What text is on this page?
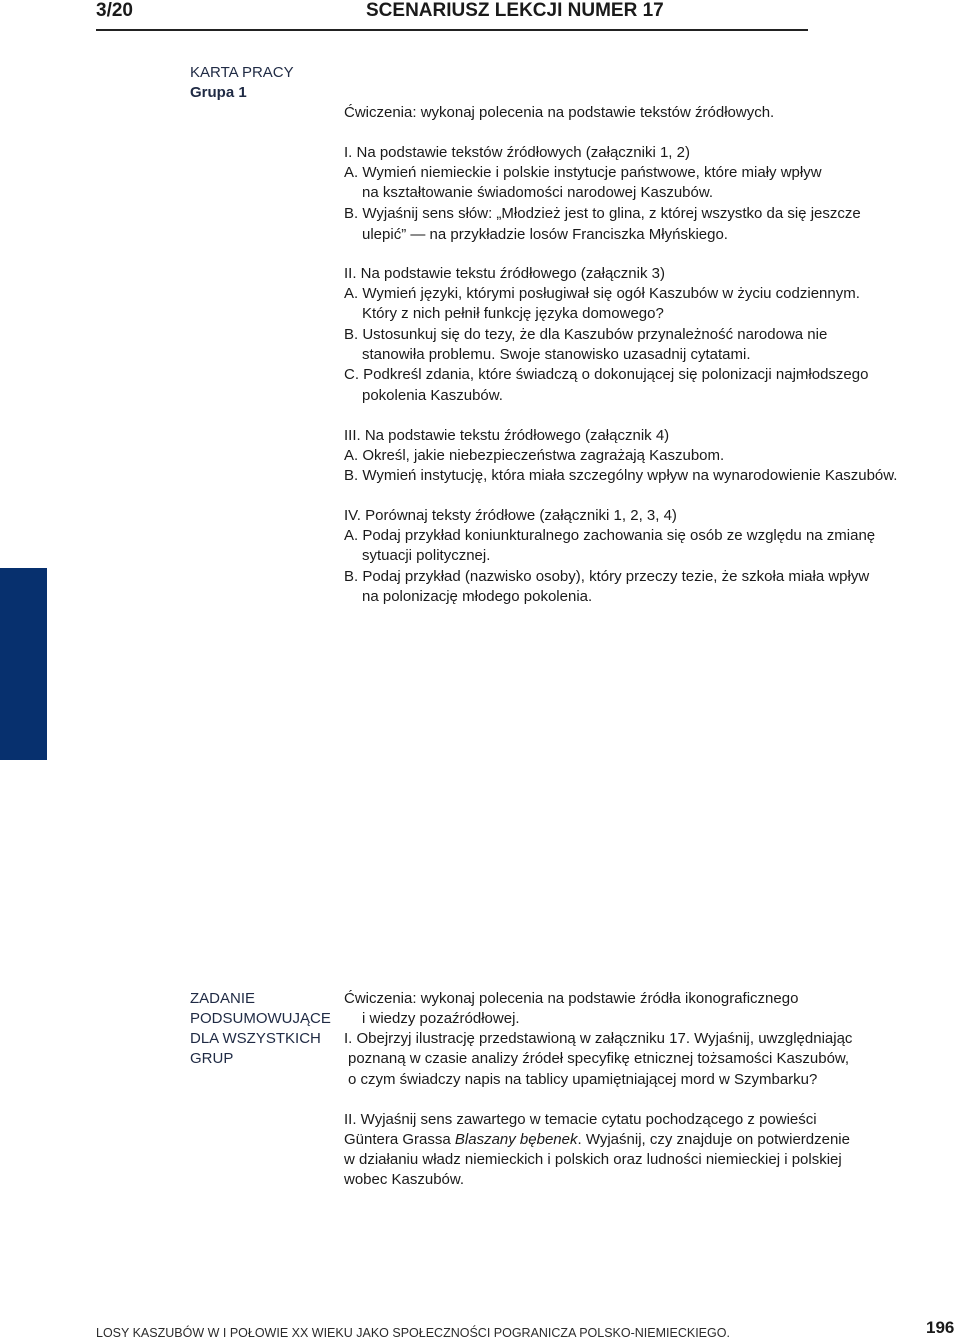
3/20	SCENARIUSZ LEKCJI NUMER 17
KARTA PRACY
Grupa 1
Ćwiczenia: wykonaj polecenia na podstawie tekstów źródłowych.
I. Na podstawie tekstów źródłowych (załączniki 1, 2)
A. Wymień niemieckie i polskie instytucje państwowe, które miały wpływ
na kształtowanie świadomości narodowej Kaszubów.
B. Wyjaśnij sens słów: „Młodzież jest to glina, z której wszystko da się jeszcze
ulepić” — na przykładzie losów Franciszka Młyńskiego.
II. Na podstawie tekstu źródłowego (załącznik 3)
A. Wymień języki, którymi posługiwał się ogół Kaszubów w życiu codziennym.
Który z nich pełnił funkcję języka domowego?
B. Ustosunkuj się do tezy, że dla Kaszubów przynależność narodowa nie
stanowiła problemu. Swoje stanowisko uzasadnij cytatami.
C. Podkreśl zdania, które świadczą o dokonującej się polonizacji najmłodszego
pokolenia Kaszubów.
III. Na podstawie tekstu źródłowego (załącznik 4)
A. Określ, jakie niebezpieczeństwa zagrażają Kaszubom.
B. Wymień instytucję, która miała szczególny wpływ na wynarodowienie Kaszubów.
IV. Porównaj teksty źródłowe (załączniki 1, 2, 3, 4)
A. Podaj przykład koniunkturalnego zachowania się osób ze względu na zmianę
sytuacji politycznej.
B. Podaj przykład (nazwisko osoby), który przeczy tezie, że szkoła miała wpływ
na polonizację młodego pokolenia.
ZADANIE
PODSUMOWUJĄCE
DLA WSZYSTKICH
GRUP
Ćwiczenia: wykonaj polecenia na podstawie źródła ikonograficznego
i wiedzy pozaźródłowej.
I. Obejrzyj ilustrację przedstawioną w załączniku 17. Wyjaśnij, uwzględniając
poznaną w czasie analizy źródeł specyfikę etnicznej tożsamości Kaszubów,
o czym świadczy napis na tablicy upamiętniającej mord w Szymbarku?
II. Wyjaśnij sens zawartego w temacie cytatu pochodzącego z powieści
Güntera Grassa Blaszany bębenek. Wyjaśnij, czy znajduje on potwierdzenie
w działaniu władz niemieckich i polskich oraz ludności niemieckiej i polskiej
wobec Kaszubów.
LOSY KASZUBÓW W I POŁOWIE XX WIEKU JAKO SPOŁECZNOŚCI POGRANICZA POLSKO-NIEMIECKIEGO.	196
